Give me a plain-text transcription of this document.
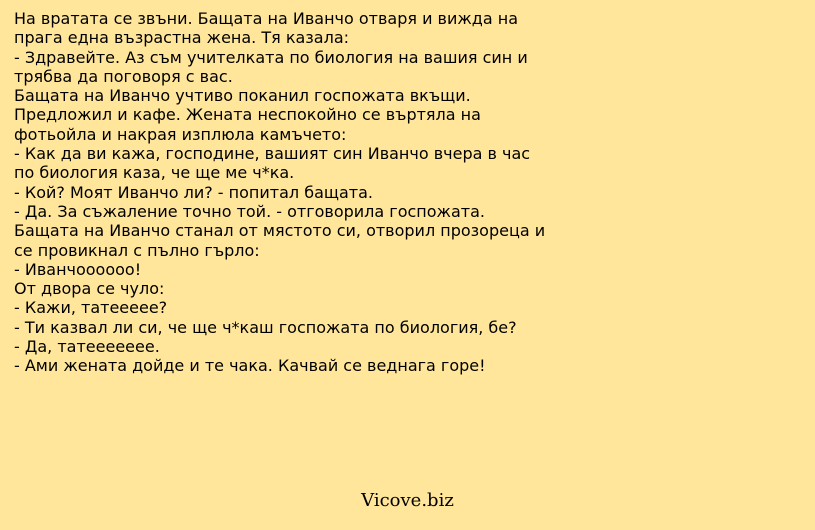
На вратата се звъни. Бащата на Иванчо отваря и вижда на
прага една възрастна жена. Тя казала:
- Здравейте. Аз съм учителката по биология на вашия син и
трябва да поговоря с вас.
Бащата на Иванчо учтиво поканил госпожата вкъщи.
Предложил и кафе. Жената неспокойно се въртяла на
фотьойла и накрая изплюла камъчето:
- Как да ви кажа, господине, вашият син Иванчо вчера в час
по биология каза, че ще ме ч*ка.
- Кой? Моят Иванчо ли? - попитал бащата.
- Да. За съжаление точно той. - отговорила госпожата.
Бащата на Иванчо станал от мястото си, отворил прозореца и
се провикнал с пълно гърло:
- Иванчоооооо!
От двора се чуло:
- Кажи, татеееее?
- Ти казвал ли си, че ще ч*каш госпожата по биология, бе?
- Да, татеееееее.
- Ами жената дойде и те чака. Качвай се веднага горе!
Vicove.biz
